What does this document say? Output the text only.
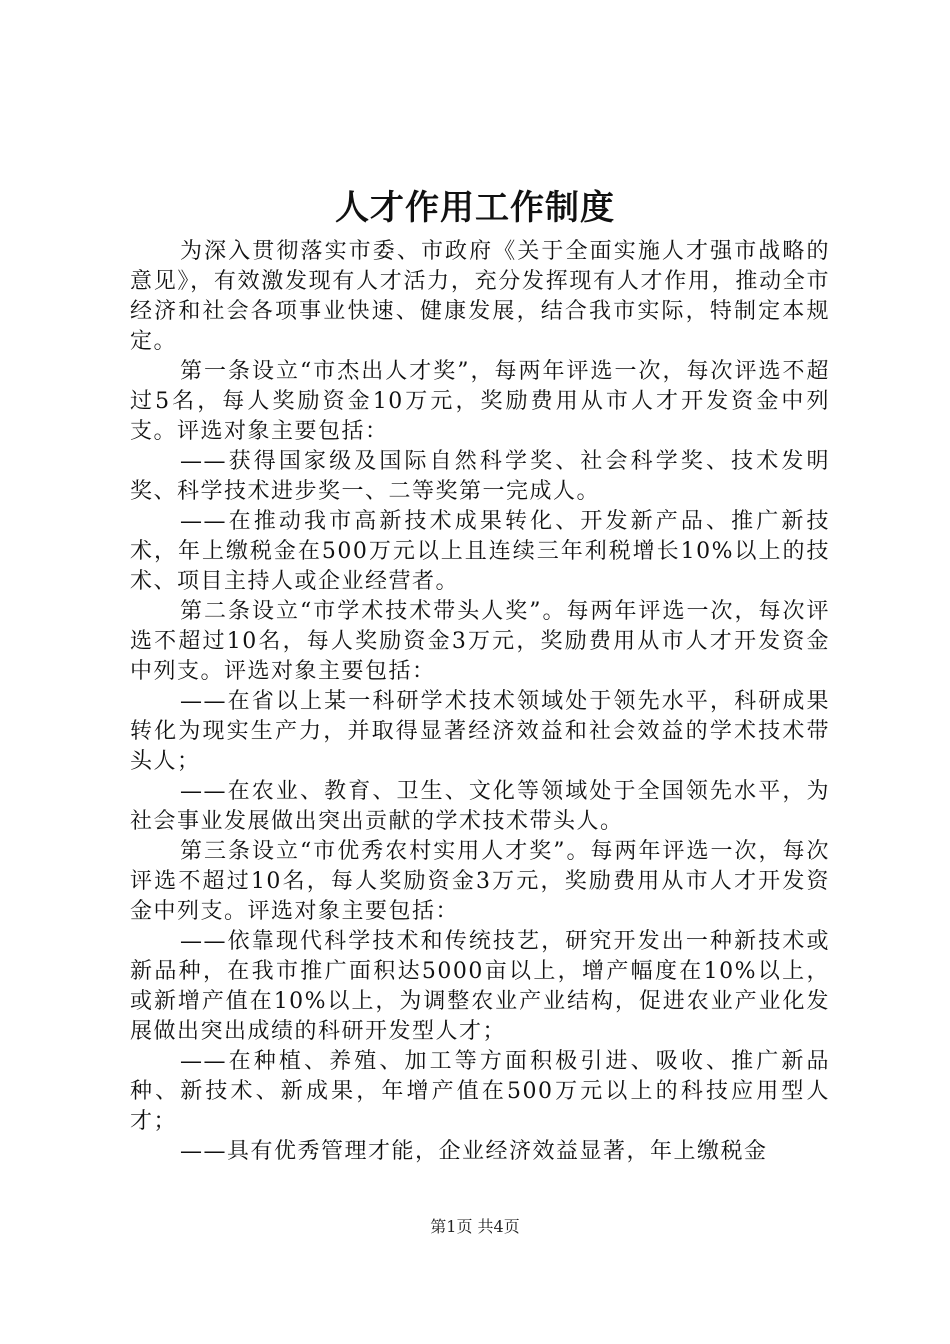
人才作用工作制度

为深入贯彻落实市委、市政府《关于全面实施人才强市战略的意见》，有效激发现有人才活力，充分发挥现有人才作用，推动全市经济和社会各项事业快速、健康发展，结合我市实际，特制定本规定。

第一条设立“市杰出人才奖”，每两年评选一次，每次评选不超过5名，每人奖励资金10万元，奖励费用从市人才开发资金中列支。评选对象主要包括：

——获得国家级及国际自然科学奖、社会科学奖、技术发明奖、科学技术进步奖一、二等奖第一完成人。

——在推动我市高新技术成果转化、开发新产品、推广新技术，年上缴税金在500万元以上且连续三年利税增长10%以上的技术、项目主持人或企业经营者。

第二条设立“市学术技术带头人奖”。每两年评选一次，每次评选不超过10名，每人奖励资金3万元，奖励费用从市人才开发资金中列支。评选对象主要包括：

——在省以上某一科研学术技术领域处于领先水平，科研成果转化为现实生产力，并取得显著经济效益和社会效益的学术技术带头人；

——在农业、教育、卫生、文化等领域处于全国领先水平，为社会事业发展做出突出贡献的学术技术带头人。

第三条设立“市优秀农村实用人才奖”。每两年评选一次，每次评选不超过10名，每人奖励资金3万元，奖励费用从市人才开发资金中列支。评选对象主要包括：

——依靠现代科学技术和传统技艺，研究开发出一种新技术或新品种，在我市推广面积达5000亩以上，增产幅度在10%以上，或新增产值在10%以上，为调整农业产业结构，促进农业产业化发展做出突出成绩的科研开发型人才；

——在种植、养殖、加工等方面积极引进、吸收、推广新品种、新技术、新成果，年增产值在500万元以上的科技应用型人才；

——具有优秀管理才能，企业经济效益显著，年上缴税金

第1页 共4页
